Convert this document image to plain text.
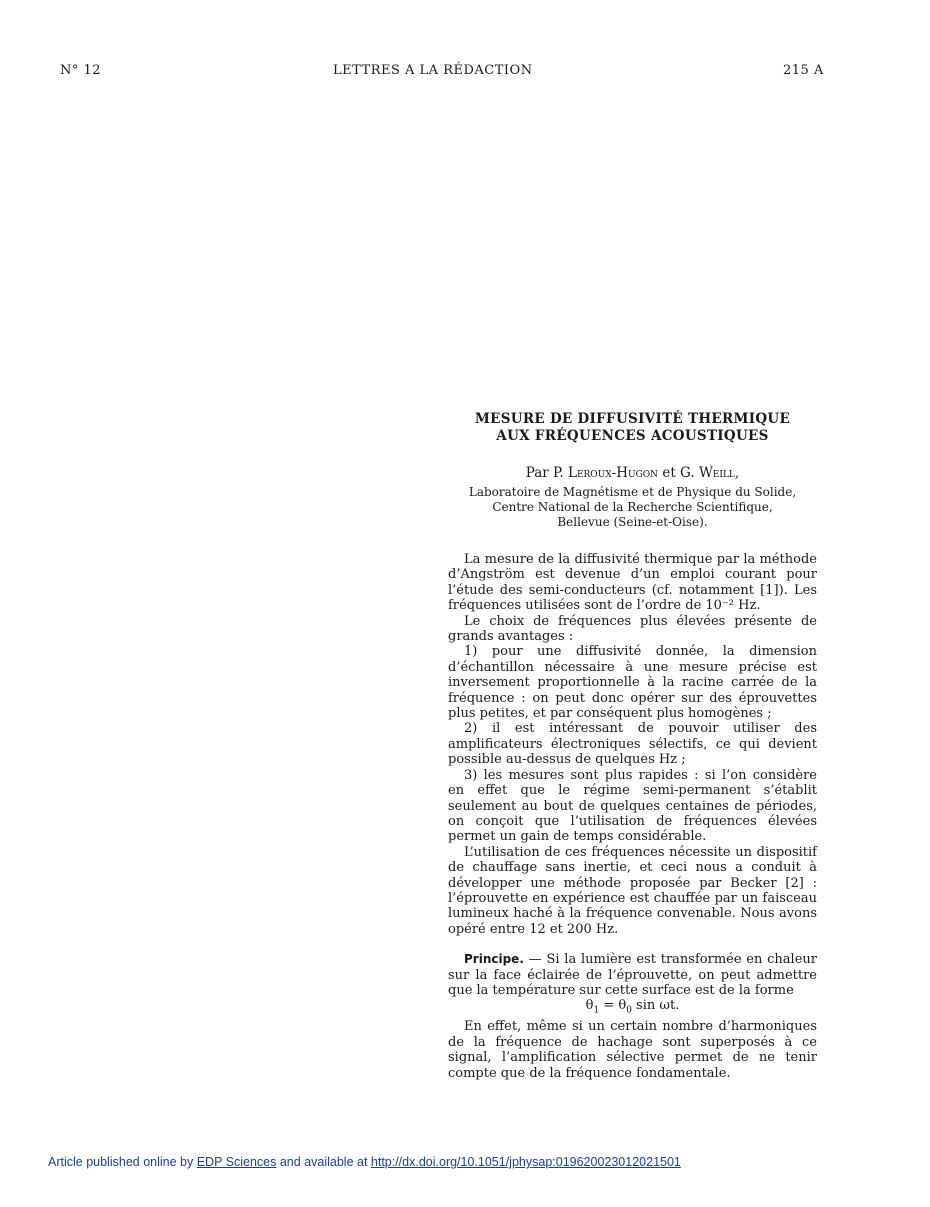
N° 12	LETTRES A LA RÉDACTION	215 A
MESURE DE DIFFUSIVITÉ THERMIQUE
AUX FRÉQUENCES ACOUSTIQUES
Par P. Leroux-Hugon et G. Weill,
Laboratoire de Magnétisme et de Physique du Solide,
Centre National de la Recherche Scientifique,
Bellevue (Seine-et-Oise).

La mesure de la diffusivité thermique par la méthode d’Angström est devenue d’un emploi courant pour l’étude des semi-conducteurs (cf. notamment [1]). Les fréquences utilisées sont de l’ordre de 10⁻² Hz.

Le choix de fréquences plus élevées présente de grands avantages :

1) pour une diffusivité donnée, la dimension d’échantillon nécessaire à une mesure précise est inversement proportionnelle à la racine carrée de la fréquence : on peut donc opérer sur des éprouvettes plus petites, et par conséquent plus homogènes ;

2) il est intéressant de pouvoir utiliser des amplificateurs électroniques sélectifs, ce qui devient possible au-dessus de quelques Hz ;

3) les mesures sont plus rapides : si l’on considère en effet que le régime semi-permanent s’établit seulement au bout de quelques centaines de périodes, on conçoit que l’utilisation de fréquences élevées permet un gain de temps considérable.

L’utilisation de ces fréquences nécessite un dispositif de chauffage sans inertie, et ceci nous a conduit à développer une méthode proposée par Becker [2] : l’éprouvette en expérience est chauffée par un faisceau lumineux haché à la fréquence convenable. Nous avons opéré entre 12 et 200 Hz.

Principe. — Si la lumière est transformée en chaleur sur la face éclairée de l’éprouvette, on peut admettre que la température sur cette surface est de la forme

$\theta_1 = \theta_0$ sin ωt.

En effet, même si un certain nombre d’harmoniques de la fréquence de hachage sont superposés à ce signal, l’amplification sélective permet de ne tenir compte que de la fréquence fondamentale.

Article published online by EDP Sciences and available at http://dx.doi.org/10.1051/jphysap:019620023012021501
